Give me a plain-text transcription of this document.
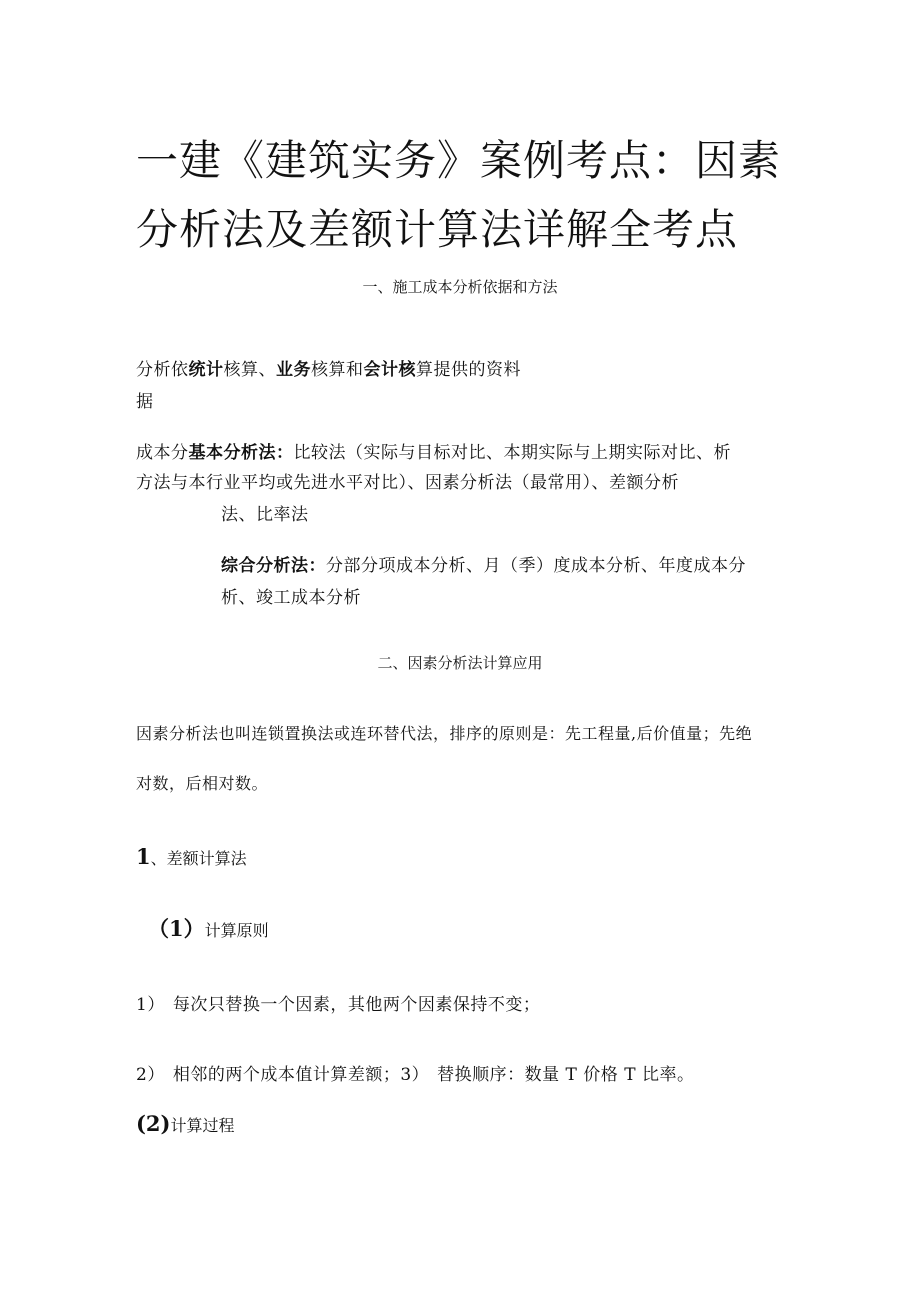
一建《建筑实务》案例考点：因素
分析法及差额计算法详解全考点
一、施工成本分析依据和方法
分析依统计核算、业务核算和会计核算提供的资料
据
成本分基本分析法：比较法（实际与目标对比、本期实际与上期实际对比、析
方法与本行业平均或先进水平对比）、因素分析法（最常用）、差额分析
法、比率法
综合分析法：分部分项成本分析、月（季）度成本分析、年度成本分
析、竣工成本分析
二、因素分析法计算应用
因素分析法也叫连锁置换法或连环替代法，排序的原则是：先工程量,后价值量；先绝
对数，后相对数。
1、差额计算法
（1）计算原则
1） 每次只替换一个因素，其他两个因素保持不变；
2） 相邻的两个成本值计算差额；3） 替换顺序：数量 T 价格 T 比率。
(2)计算过程
